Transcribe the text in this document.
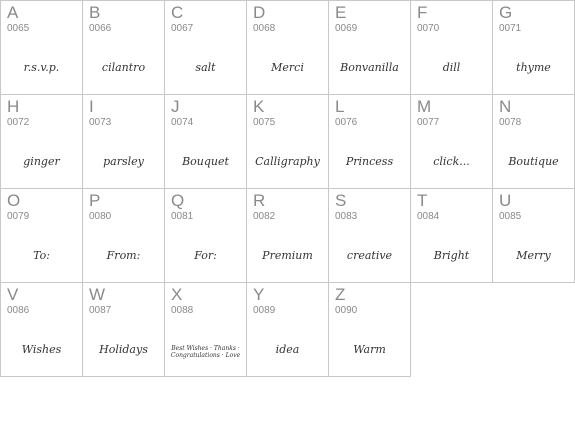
A
0065
r.s.v.p.
B
0066
cilantro
C
0067
salt
D
0068
Merci
E
0069
Bonvanilla
F
0070
dill
G
0071
thyme
H
0072
ginger
I
0073
parsley
J
0074
Bouquet
K
0075
Calligraphy
L
0076
Princess
M
0077
click...
N
0078
Boutique
O
0079
To:
P
0080
From:
Q
0081
For:
R
0082
Premium
S
0083
creative
T
0084
Bright
U
0085
Merry
V
0086
Wishes
W
0087
Holidays
X
0088
Best Wishes · Thanks · Congratulations · Love
Y
0089
idea
Z
0090
Warm
